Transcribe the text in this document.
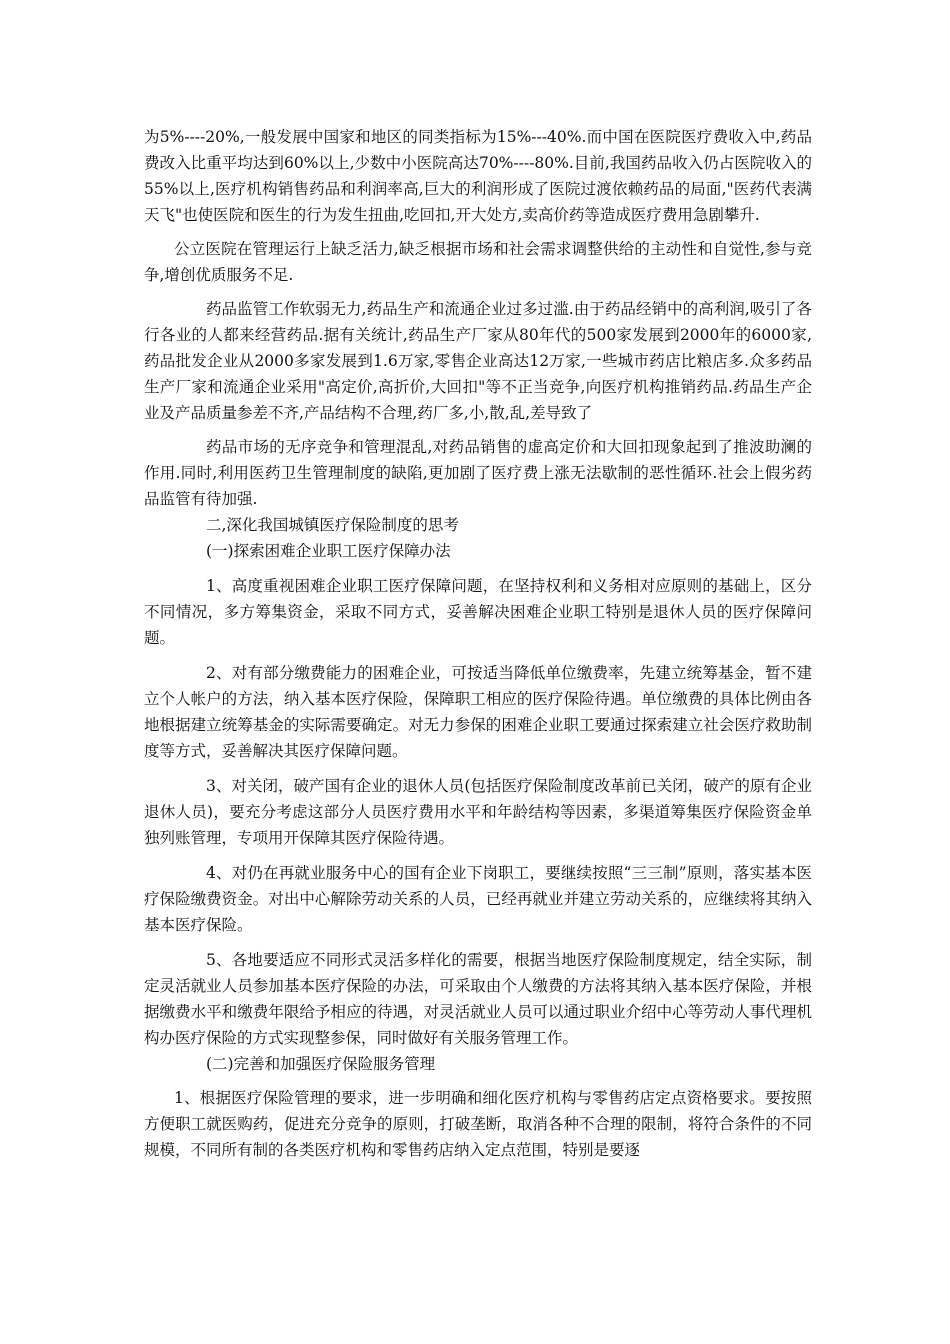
为5%----20%,一般发展中国家和地区的同类指标为15%---40%.而中国在医院医疗费收入中,药品费改入比重平均达到60%以上,少数中小医院高达70%----80%.目前,我国药品收入仍占医院收入的55%以上,医疗机构销售药品和利润率高,巨大的利润形成了医院过渡依赖药品的局面,"医药代表满天飞"也使医院和医生的行为发生扭曲,吃回扣,开大处方,卖高价药等造成医疗费用急剧攀升.

公立医院在管理运行上缺乏活力,缺乏根据市场和社会需求调整供给的主动性和自觉性,参与竞争,增创优质服务不足.

药品监管工作软弱无力,药品生产和流通企业过多过滥.由于药品经销中的高利润,吸引了各行各业的人都来经营药品.据有关统计,药品生产厂家从80年代的500家发展到2000年的6000家,药品批发企业从2000多家发展到1.6万家,零售企业高达12万家,一些城市药店比粮店多.众多药品生产厂家和流通企业采用"高定价,高折价,大回扣"等不正当竞争,向医疗机构推销药品.药品生产企业及产品质量参差不齐,产品结构不合理,药厂多,小,散,乱,差导致了

药品市场的无序竞争和管理混乱,对药品销售的虚高定价和大回扣现象起到了推波助澜的作用.同时,利用医药卫生管理制度的缺陷,更加剧了医疗费上涨无法歇制的恶性循环.社会上假劣药品监管有待加强.

二,深化我国城镇医疗保险制度的思考

(一)探索困难企业职工医疗保障办法

1、高度重视困难企业职工医疗保障问题，在坚持权利和义务相对应原则的基础上，区分不同情况，多方筹集资金，采取不同方式，妥善解决困难企业职工特别是退休人员的医疗保障问题。

2、对有部分缴费能力的困难企业，可按适当降低单位缴费率，先建立统筹基金，暂不建立个人帐户的方法，纳入基本医疗保险，保障职工相应的医疗保险待遇。单位缴费的具体比例由各地根据建立统筹基金的实际需要确定。对无力参保的困难企业职工要通过探索建立社会医疗救助制度等方式，妥善解决其医疗保障问题。

3、对关闭，破产国有企业的退休人员(包括医疗保险制度改革前已关闭，破产的原有企业退休人员)，要充分考虑这部分人员医疗费用水平和年龄结构等因素，多渠道筹集医疗保险资金单独列账管理，专项用开保障其医疗保险待遇。

4、对仍在再就业服务中心的国有企业下岗职工，要继续按照“三三制”原则，落实基本医疗保险缴费资金。对出中心解除劳动关系的人员，已经再就业并建立劳动关系的，应继续将其纳入基本医疗保险。

5、各地要适应不同形式灵活多样化的需要，根据当地医疗保险制度规定，结全实际，制定灵活就业人员参加基本医疗保险的办法，可采取由个人缴费的方法将其纳入基本医疗保险，并根据缴费水平和缴费年限给予相应的待遇，对灵活就业人员可以通过职业介绍中心等劳动人事代理机构办医疗保险的方式实现整参保，同时做好有关服务管理工作。

(二)完善和加强医疗保险服务管理

1、根据医疗保险管理的要求，进一步明确和细化医疗机构与零售药店定点资格要求。要按照方便职工就医购药，促进充分竞争的原则，打破垄断，取消各种不合理的限制，将符合条件的不同规模，不同所有制的各类医疗机构和零售药店纳入定点范围，特别是要逐
